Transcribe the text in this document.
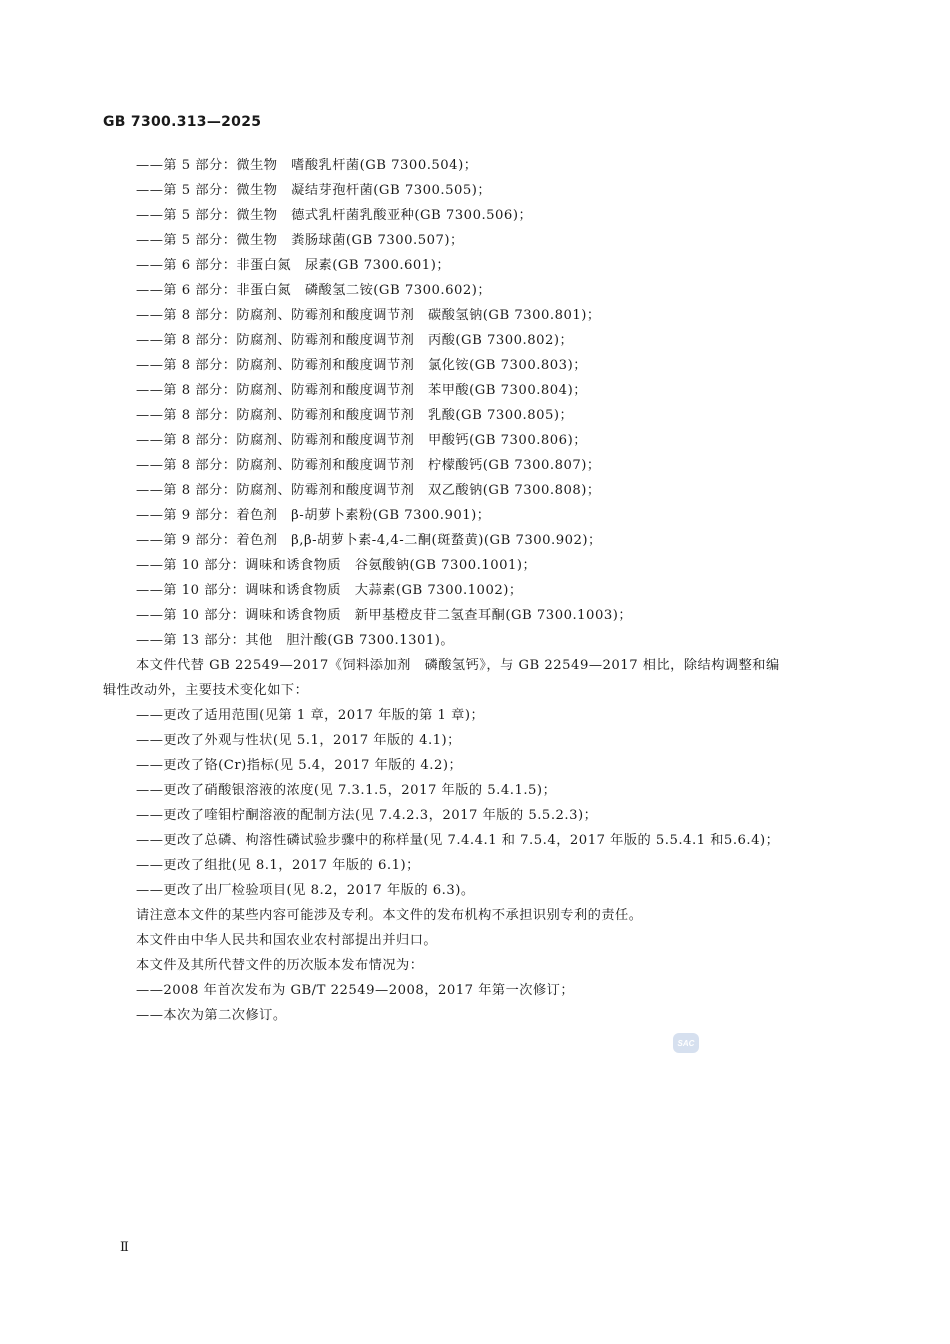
GB 7300.313—2025
——第 5 部分：微生物　嗜酸乳杆菌(GB 7300.504)；
——第 5 部分：微生物　凝结芽孢杆菌(GB 7300.505)；
——第 5 部分：微生物　德式乳杆菌乳酸亚种(GB 7300.506)；
——第 5 部分：微生物　粪肠球菌(GB 7300.507)；
——第 6 部分：非蛋白氮　尿素(GB 7300.601)；
——第 6 部分：非蛋白氮　磷酸氢二铵(GB 7300.602)；
——第 8 部分：防腐剂、防霉剂和酸度调节剂　碳酸氢钠(GB 7300.801)；
——第 8 部分：防腐剂、防霉剂和酸度调节剂　丙酸(GB 7300.802)；
——第 8 部分：防腐剂、防霉剂和酸度调节剂　氯化铵(GB 7300.803)；
——第 8 部分：防腐剂、防霉剂和酸度调节剂　苯甲酸(GB 7300.804)；
——第 8 部分：防腐剂、防霉剂和酸度调节剂　乳酸(GB 7300.805)；
——第 8 部分：防腐剂、防霉剂和酸度调节剂　甲酸钙(GB 7300.806)；
——第 8 部分：防腐剂、防霉剂和酸度调节剂　柠檬酸钙(GB 7300.807)；
——第 8 部分：防腐剂、防霉剂和酸度调节剂　双乙酸钠(GB 7300.808)；
——第 9 部分：着色剂　β-胡萝卜素粉(GB 7300.901)；
——第 9 部分：着色剂　β,β-胡萝卜素-4,4-二酮(斑蝥黄)(GB 7300.902)；
——第 10 部分：调味和诱食物质　谷氨酸钠(GB 7300.1001)；
——第 10 部分：调味和诱食物质　大蒜素(GB 7300.1002)；
——第 10 部分：调味和诱食物质　新甲基橙皮苷二氢查耳酮(GB 7300.1003)；
——第 13 部分：其他　胆汁酸(GB 7300.1301)。
本文件代替 GB 22549—2017《饲料添加剂　磷酸氢钙》，与 GB 22549—2017 相比，除结构调整和编
辑性改动外，主要技术变化如下：
——更改了适用范围(见第 1 章，2017 年版的第 1 章)；
——更改了外观与性状(见 5.1，2017 年版的 4.1)；
——更改了铬(Cr)指标(见 5.4，2017 年版的 4.2)；
——更改了硝酸银溶液的浓度(见 7.3.1.5，2017 年版的 5.4.1.5)；
——更改了喹钼柠酮溶液的配制方法(见 7.4.2.3，2017 年版的 5.5.2.3)；
——更改了总磷、枸溶性磷试验步骤中的称样量(见 7.4.4.1 和 7.5.4，2017 年版的 5.5.4.1 和5.6.4)；
——更改了组批(见 8.1，2017 年版的 6.1)；
——更改了出厂检验项目(见 8.2，2017 年版的 6.3)。
请注意本文件的某些内容可能涉及专利。本文件的发布机构不承担识别专利的责任。
本文件由中华人民共和国农业农村部提出并归口。
本文件及其所代替文件的历次版本发布情况为：
——2008 年首次发布为 GB/T 22549—2008，2017 年第一次修订；
——本次为第二次修订。
SAC
Ⅱ
